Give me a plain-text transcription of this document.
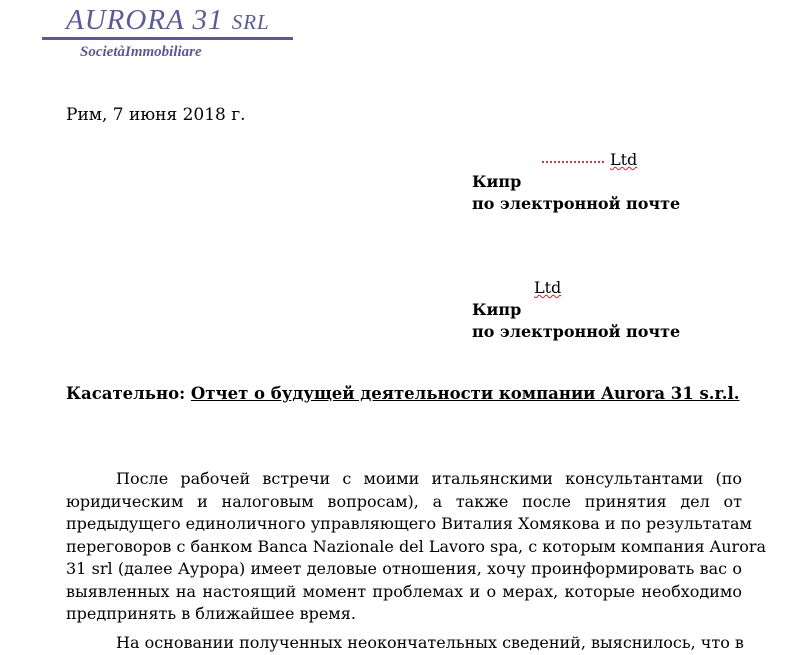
AURORA 31 SRL
SocietàImmobiliare
Рим, 7 июня 2018 г.
Ltd
Кипр
по электронной почте
Ltd
Кипр
по электронной почте
Касательно: Отчет о будущей деятельности компании Aurora 31 s.r.l.
После рабочей встречи с моими итальянскими консультантами (по
юридическим и налоговым вопросам), а также после принятия дел от
предыдущего единоличного управляющего Виталия Хомякова и по результатам
переговоров с банком Banca Nazionale del Lavoro spa, с которым компания Aurora
31 srl (далее Аурора) имеет деловые отношения, хочу проинформировать вас о
выявленных на настоящий момент проблемах и о мерах, которые необходимо
предпринять в ближайшее время.
На основании полученных неокончательных сведений, выяснилось, что в
